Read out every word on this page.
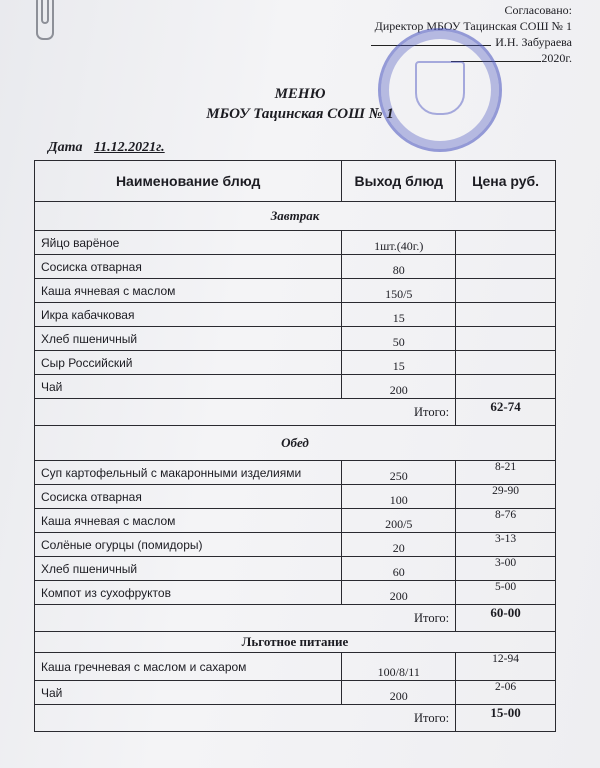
Согласовано:
Директор МБОУ Тацинская СОШ № 1
И.Н. Забураева
2020г.
МЕНЮ
МБОУ Тацинская СОШ № 1
Дата 11.12.2021г.
Наименование блюд	Выход блюд	Цена руб.
Завтрак		
Яйцо варёное	1шт.(40г.)	
Сосиска отварная	80	
Каша ячневая с маслом	150/5	
Икра кабачковая	15	
Хлеб пшеничный	50	
Сыр Российский	15	
Чай	200	
Итого:		62-74
Обед		
Суп картофельный с макаронными изделиями	250	8-21
Сосиска отварная	100	29-90
Каша ячневая с маслом	200/5	8-76
Солёные огурцы (помидоры)	20	3-13
Хлеб пшеничный	60	3-00
Компот из сухофруктов	200	5-00
Итого:		60-00
Льготное питание		
Каша гречневая с маслом и сахаром	100/8/11	12-94
Чай	200	2-06
Итого:		15-00
